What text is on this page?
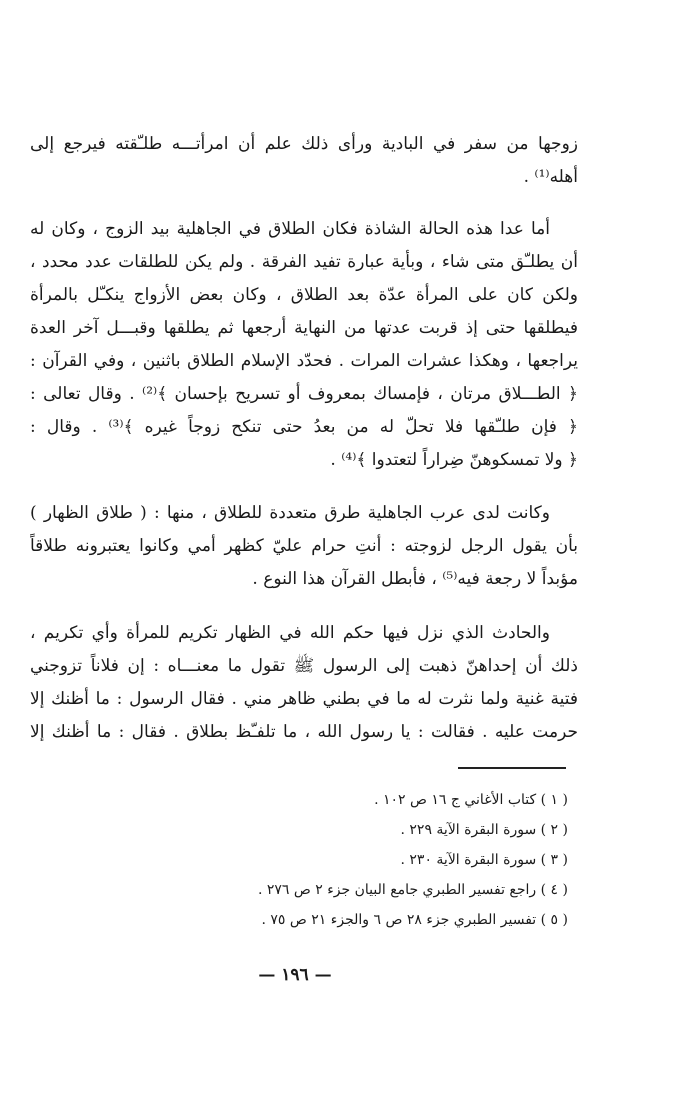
زوجها من سفر في البادية ورأى ذلك علم أن امرأتـــه طلـّقته فيرجع إلى
أهله⁽¹⁾ .
أما عدا هذه الحالة الشاذة فكان الطلاق في الجاهلية بيد الزوج ، وكان له
أن يطلـّق متى شاء ، وبأية عبارة تفيد الفرقة . ولم يكن للطلقات عدد محدد ،
ولكن كان على المرأة عدّة بعد الطلاق ، وكان بعض الأزواج ينكـّل بالمرأة
فيطلقها حتى إذ قربت عدتها من النهاية أرجعها ثم يطلقها وقبـــل آخر العدة
يراجعها ، وهكذا عشرات المرات . فحدّد الإسلام الطلاق باثنين ، وفي القرآن :
﴿ الطـــلاق مرتان ، فإمساك بمعروف أو تسريح بإحسان ﴾⁽²⁾ . وقال تعالى :
﴿ فإن طلـّقها فلا تحلّ له من بعدُ حتى تنكح زوجاً غيره ﴾⁽³⁾ . وقال :
﴿ ولا تمسكوهنّ ضِراراً لتعتدوا ﴾⁽⁴⁾ .
وكانت لدى عرب الجاهلية طرق متعددة للطلاق ، منها : ( طلاق الظهار )
بأن يقول الرجل لزوجته : أنتِ حرام عليّ كظهر أمي وكانوا يعتبرونه طلاقاً
مؤبداً لا رجعة فيه⁽⁵⁾ ، فأبطل القرآن هذا النوع .
والحادث الذي نزل فيها حكم الله في الظهار تكريم للمرأة وأي تكريم ،
ذلك أن إحداهنّ ذهبت إلى الرسول ﷺ تقول ما معنـــاه : إن فلاناً تزوجني
فتية غنية ولما نثرت له ما في بطني ظاهر مني . فقال الرسول : ما أظنك إلا
حرمت عليه . فقالت : يا رسول الله ، ما تلفـّظ بطلاق . فقال : ما أظنك إلا
( ١ ) كتاب الأغاني ج ١٦ ص ١٠٢ .
( ٢ ) سورة البقرة الآية ٢٢٩ .
( ٣ ) سورة البقرة الآية ٢٣٠ .
( ٤ ) راجع تفسير الطبري جامع البيان جزء ٢ ص ٢٧٦ .
( ٥ ) تفسير الطبري جزء ٢٨ ص ٦ والجزء ٢١ ص ٧٥ .
— ١٩٦ —
